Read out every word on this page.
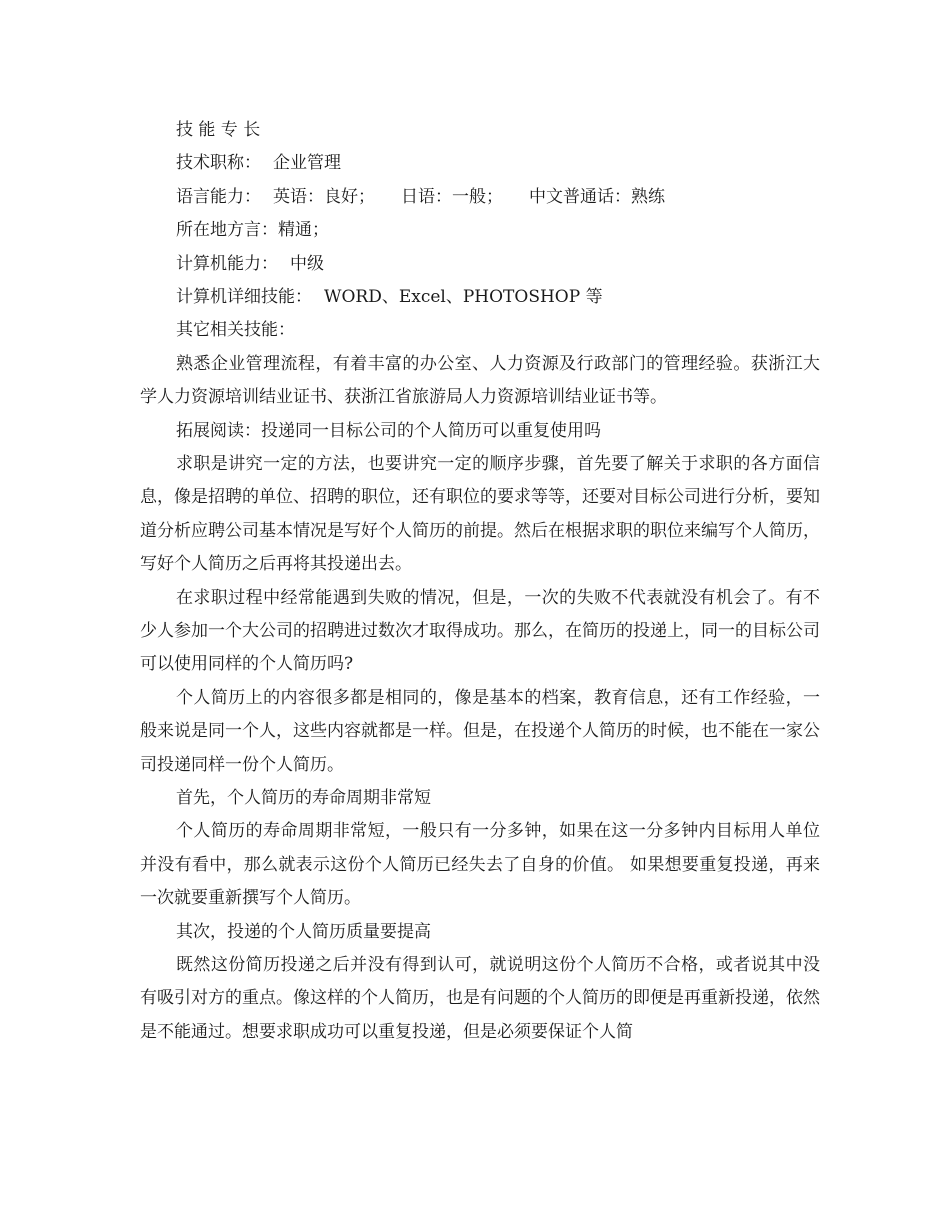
技 能 专 长
技术职称： 企业管理
语言能力： 英语：良好； 日语：一般； 中文普通话：熟练
所在地方言：精通；
计算机能力： 中级
计算机详细技能： WORD、Excel、PHOTOSHOP 等
其它相关技能：

熟悉企业管理流程，有着丰富的办公室、人力资源及行政部门的管理经验。获浙江大学人力资源培训结业证书、获浙江省旅游局人力资源培训结业证书等。

拓展阅读：投递同一目标公司的个人简历可以重复使用吗

求职是讲究一定的方法，也要讲究一定的顺序步骤，首先要了解关于求职的各方面信息，像是招聘的单位、招聘的职位，还有职位的要求等等，还要对目标公司进行分析，要知道分析应聘公司基本情况是写好个人简历的前提。然后在根据求职的职位来编写个人简历，写好个人简历之后再将其投递出去。

在求职过程中经常能遇到失败的情况，但是，一次的失败不代表就没有机会了。有不少人参加一个大公司的招聘进过数次才取得成功。那么，在简历的投递上，同一的目标公司可以使用同样的个人简历吗?

个人简历上的内容很多都是相同的，像是基本的档案，教育信息，还有工作经验，一般来说是同一个人，这些内容就都是一样。但是，在投递个人简历的时候，也不能在一家公司投递同样一份个人简历。

首先，个人简历的寿命周期非常短

个人简历的寿命周期非常短，一般只有一分多钟，如果在这一分多钟内目标用人单位并没有看中，那么就表示这份个人简历已经失去了自身的价值。 如果想要重复投递，再来一次就要重新撰写个人简历。

其次，投递的个人简历质量要提高

既然这份简历投递之后并没有得到认可，就说明这份个人简历不合格，或者说其中没有吸引对方的重点。像这样的个人简历，也是有问题的个人简历的即便是再重新投递，依然是不能通过。想要求职成功可以重复投递，但是必须要保证个人简
